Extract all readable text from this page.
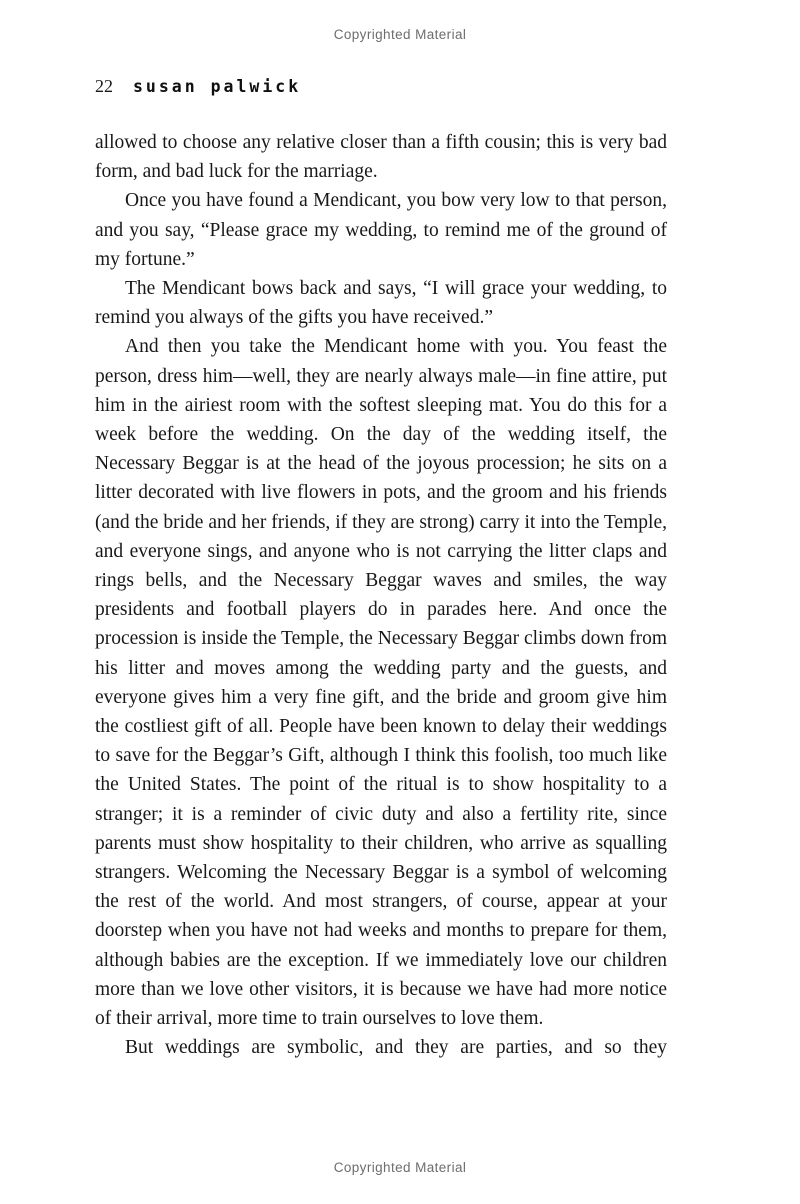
Copyrighted Material
22 susan palwick

allowed to choose any relative closer than a fifth cousin; this is very bad form, and bad luck for the marriage.

Once you have found a Mendicant, you bow very low to that person, and you say, “Please grace my wedding, to remind me of the ground of my fortune.”

The Mendicant bows back and says, “I will grace your wedding, to remind you always of the gifts you have received.”

And then you take the Mendicant home with you. You feast the person, dress him—well, they are nearly always male—in fine attire, put him in the airiest room with the softest sleeping mat. You do this for a week before the wedding. On the day of the wedding itself, the Necessary Beggar is at the head of the joyous procession; he sits on a litter decorated with live flowers in pots, and the groom and his friends (and the bride and her friends, if they are strong) carry it into the Temple, and everyone sings, and anyone who is not carrying the litter claps and rings bells, and the Necessary Beggar waves and smiles, the way presidents and football players do in parades here. And once the procession is inside the Temple, the Necessary Beggar climbs down from his litter and moves among the wedding party and the guests, and everyone gives him a very fine gift, and the bride and groom give him the costliest gift of all. People have been known to delay their weddings to save for the Beggar’s Gift, although I think this foolish, too much like the United States. The point of the ritual is to show hospitality to a stranger; it is a reminder of civic duty and also a fertility rite, since parents must show hospitality to their children, who arrive as squalling strangers. Welcoming the Necessary Beggar is a symbol of welcoming the rest of the world. And most strangers, of course, appear at your doorstep when you have not had weeks and months to prepare for them, although babies are the exception. If we immediately love our children more than we love other visitors, it is because we have had more notice of their arrival, more time to train ourselves to love them.

But weddings are symbolic, and they are parties, and so they

Copyrighted Material
